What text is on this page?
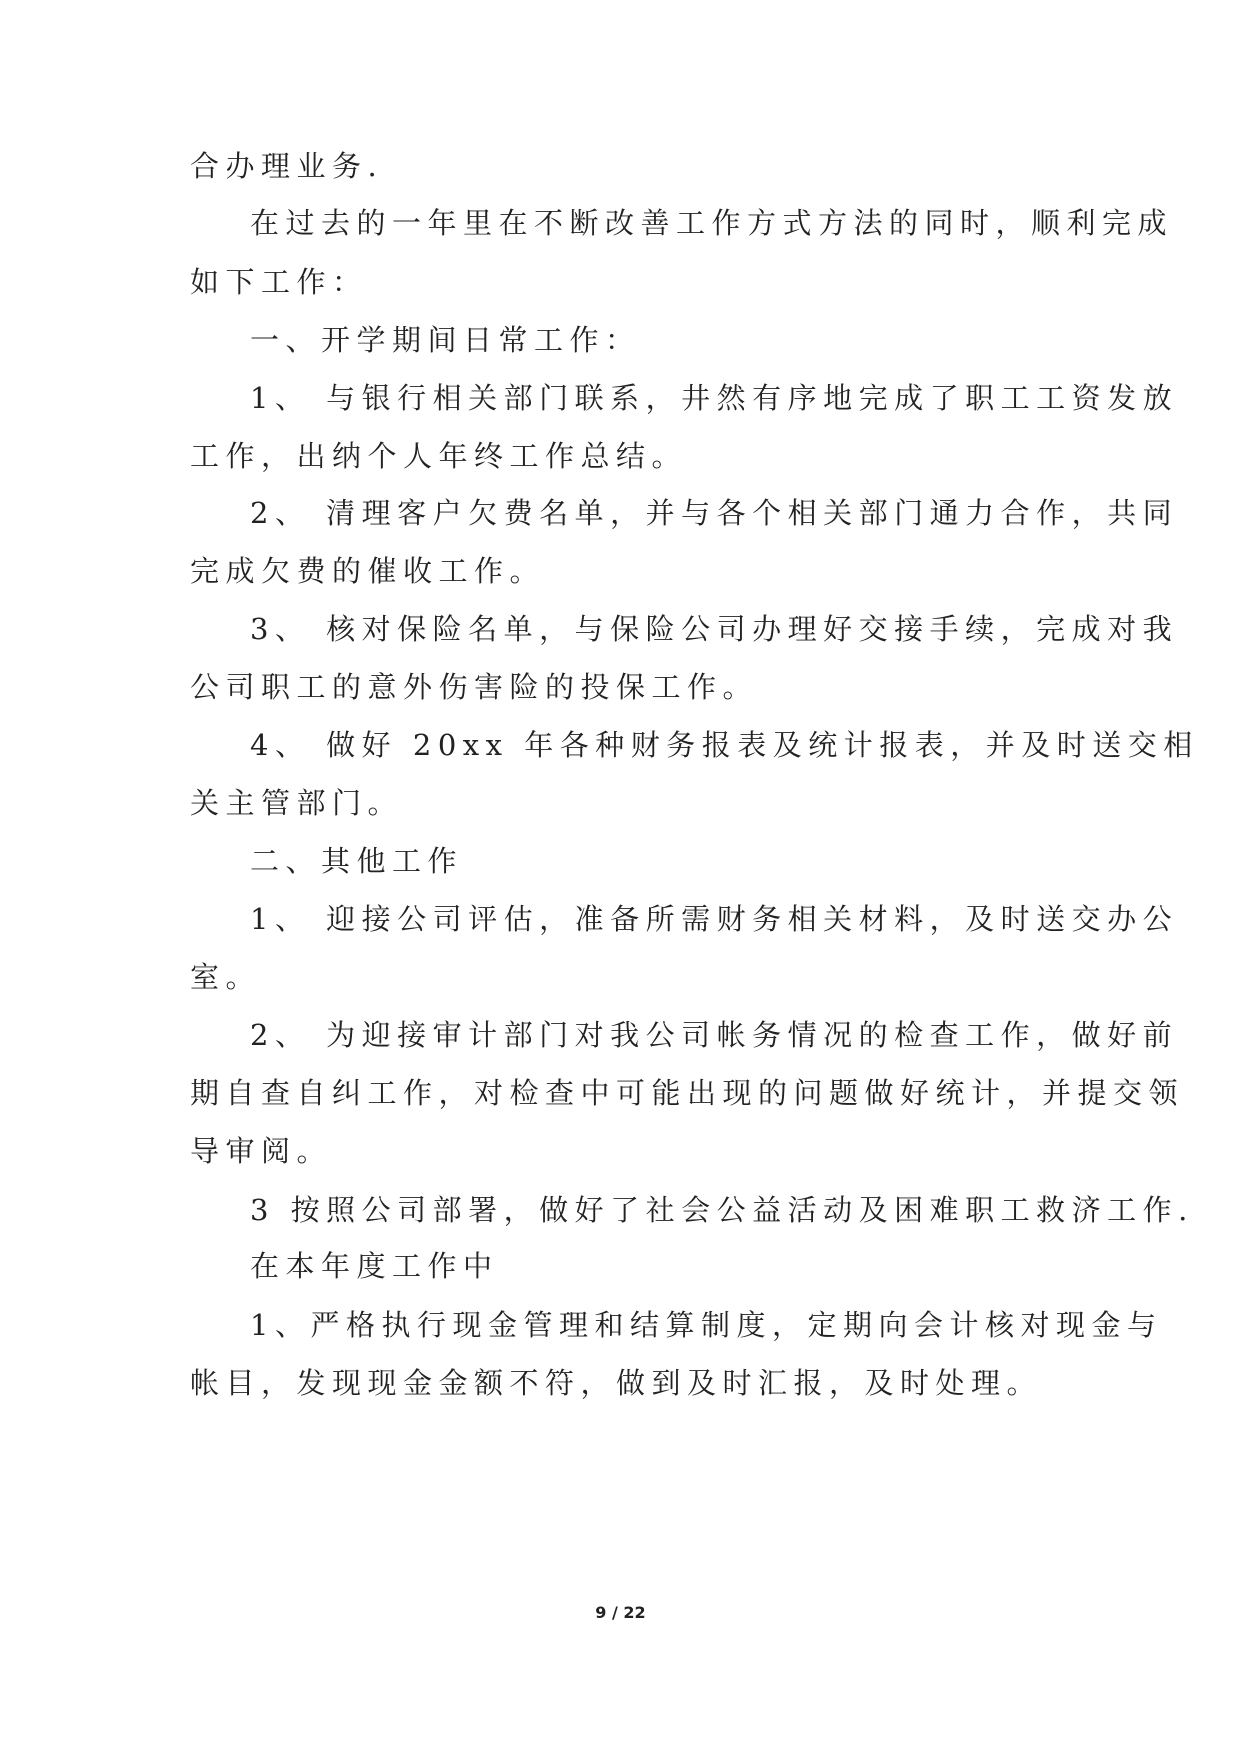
合办理业务.
在过去的一年里在不断改善工作方式方法的同时，顺利完成
如下工作：
一、开学期间日常工作：
1、 与银行相关部门联系，井然有序地完成了职工工资发放
工作，出纳个人年终工作总结。
2、 清理客户欠费名单，并与各个相关部门通力合作，共同
完成欠费的催收工作。
3、 核对保险名单，与保险公司办理好交接手续，完成对我
公司职工的意外伤害险的投保工作。
4、 做好 20xx 年各种财务报表及统计报表，并及时送交相
关主管部门。
二、其他工作
1、 迎接公司评估，准备所需财务相关材料，及时送交办公
室。
2、 为迎接审计部门对我公司帐务情况的检查工作，做好前
期自查自纠工作，对检查中可能出现的问题做好统计，并提交领
导审阅。
3 按照公司部署，做好了社会公益活动及困难职工救济工作.
在本年度工作中
1、严格执行现金管理和结算制度，定期向会计核对现金与
帐目，发现现金金额不符，做到及时汇报，及时处理。
9 / 22
